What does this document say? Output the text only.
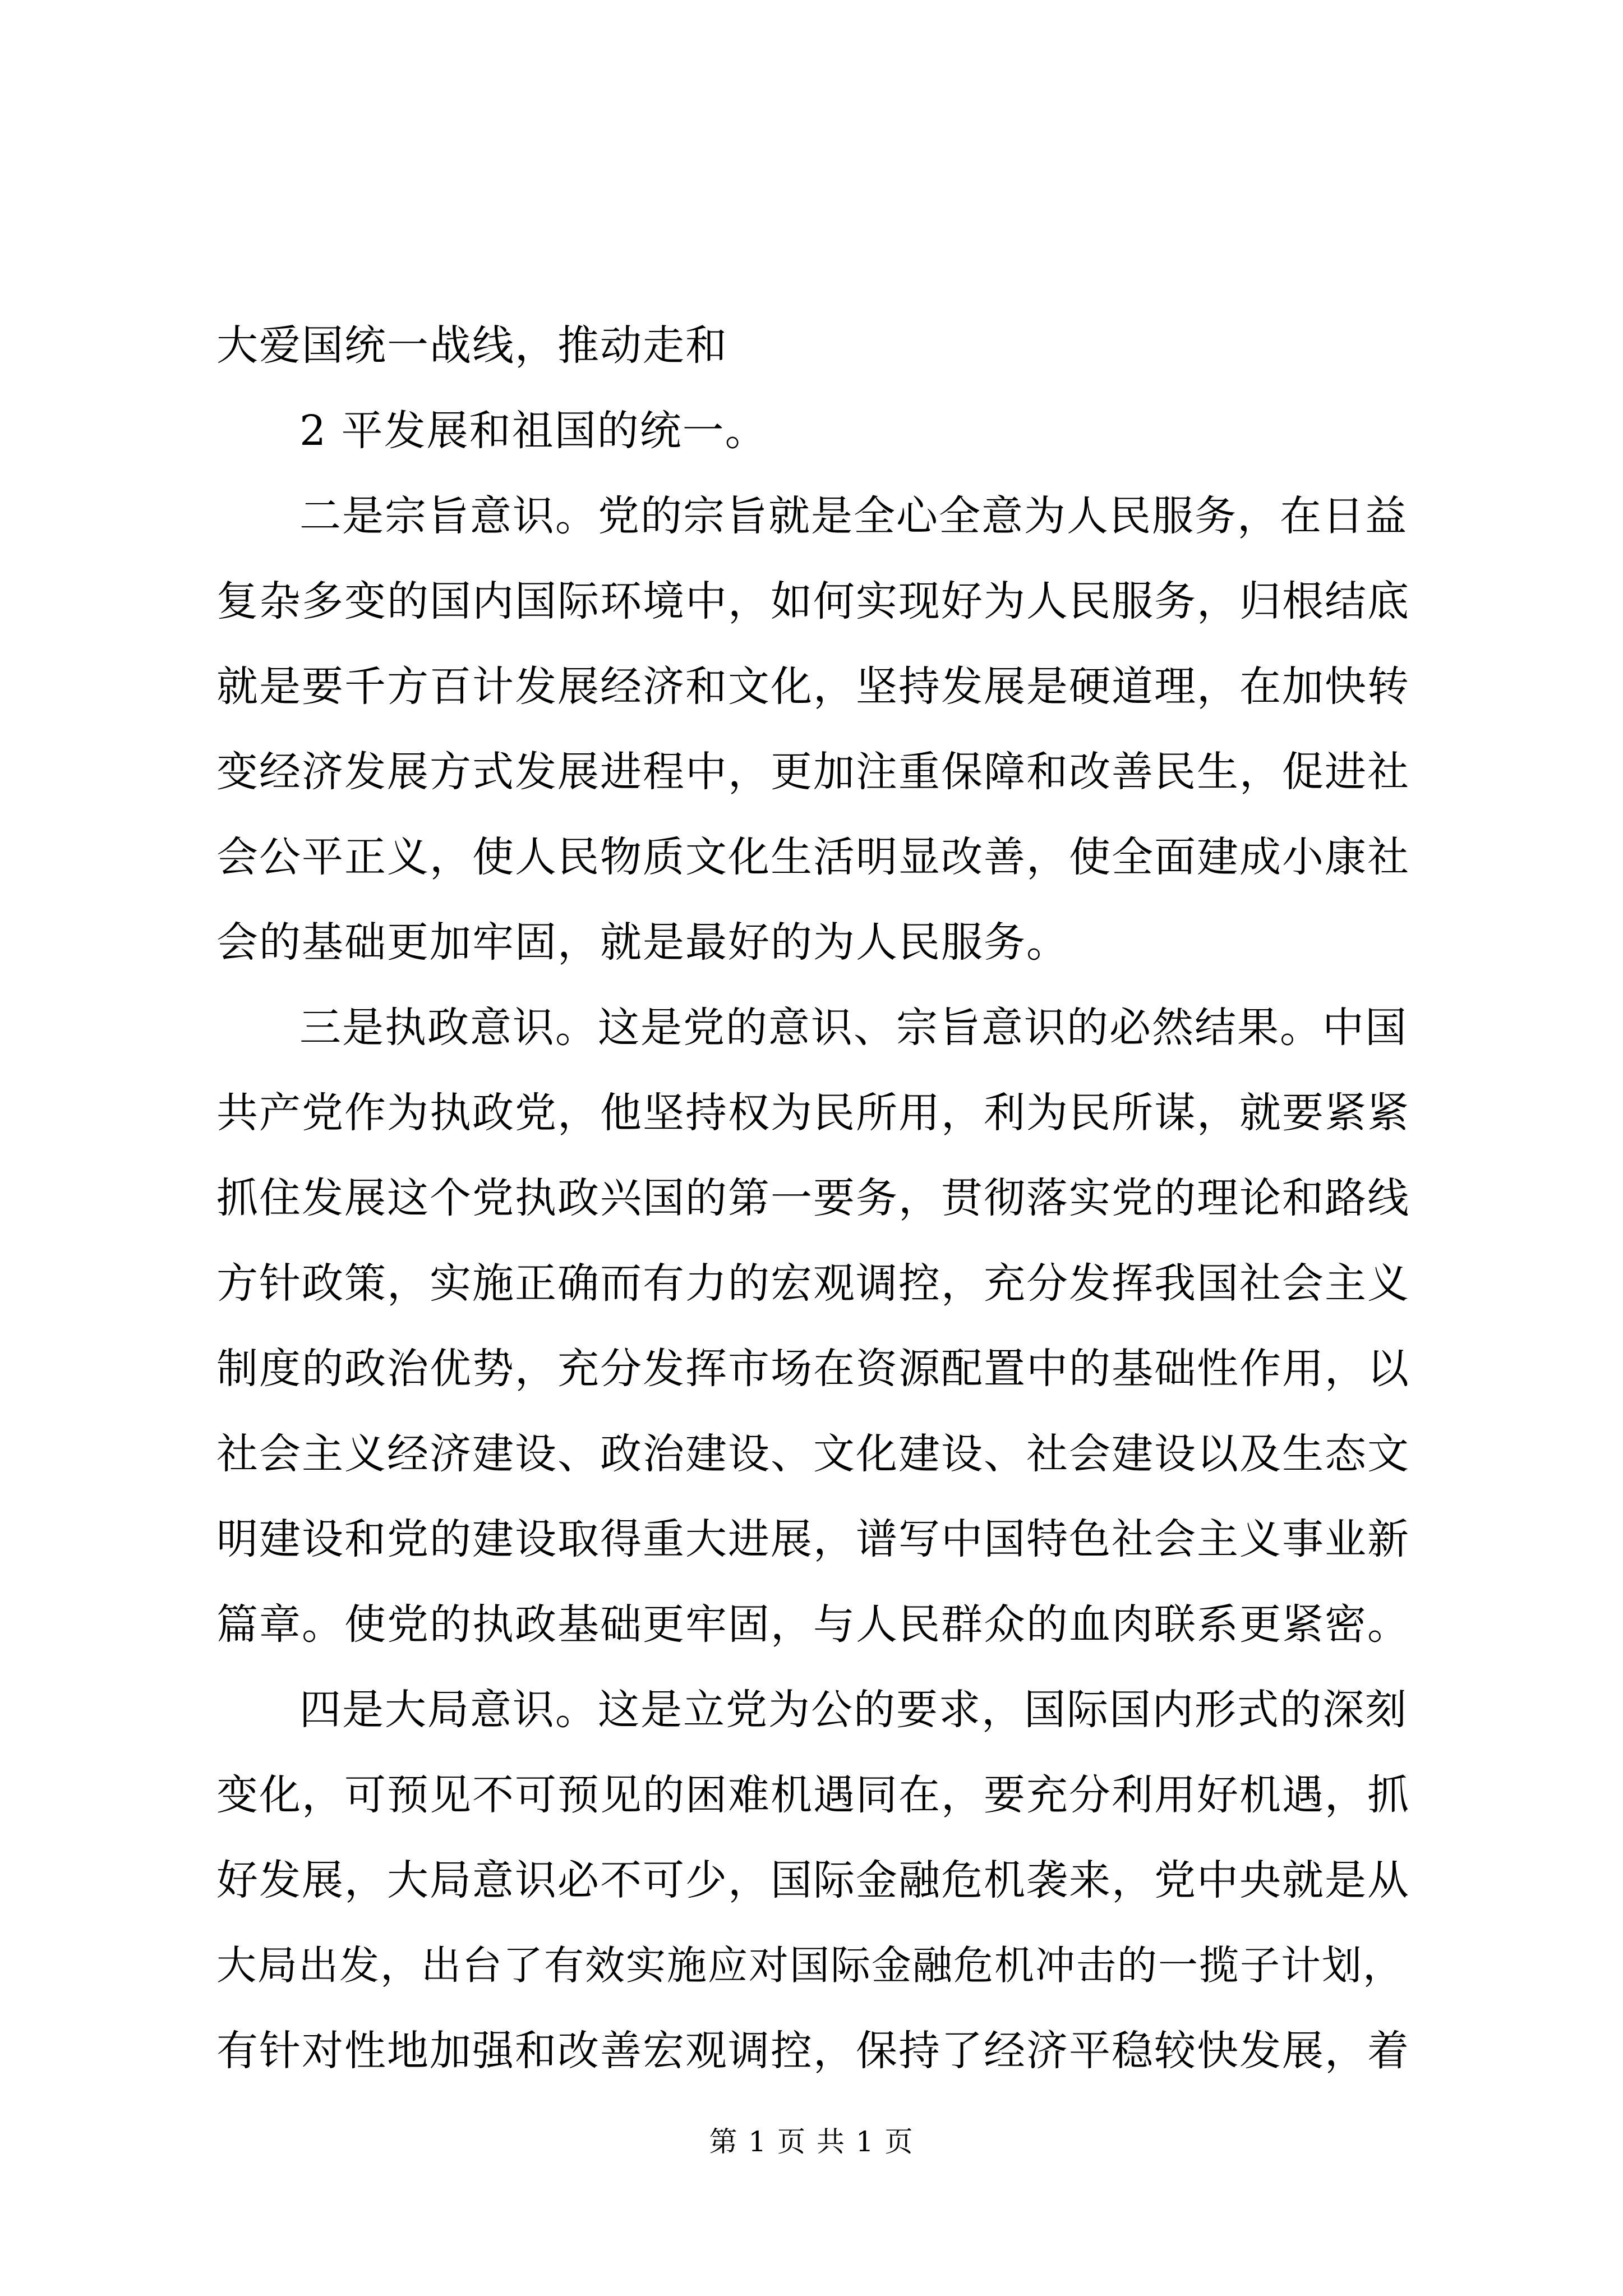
大爱国统一战线，推动走和

2 平发展和祖国的统一。

二是宗旨意识。党的宗旨就是全心全意为人民服务，在日益

复杂多变的国内国际环境中，如何实现好为人民服务，归根结底

就是要千方百计发展经济和文化，坚持发展是硬道理，在加快转

变经济发展方式发展进程中，更加注重保障和改善民生，促进社

会公平正义，使人民物质文化生活明显改善，使全面建成小康社

会的基础更加牢固，就是最好的为人民服务。

三是执政意识。这是党的意识、宗旨意识的必然结果。中国

共产党作为执政党，他坚持权为民所用，利为民所谋，就要紧紧

抓住发展这个党执政兴国的第一要务，贯彻落实党的理论和路线

方针政策，实施正确而有力的宏观调控，充分发挥我国社会主义

制度的政治优势，充分发挥市场在资源配置中的基础性作用，以

社会主义经济建设、政治建设、文化建设、社会建设以及生态文

明建设和党的建设取得重大进展，谱写中国特色社会主义事业新

篇章。使党的执政基础更牢固，与人民群众的血肉联系更紧密。

四是大局意识。这是立党为公的要求，国际国内形式的深刻

变化，可预见不可预见的困难机遇同在，要充分利用好机遇，抓

好发展，大局意识必不可少，国际金融危机袭来，党中央就是从

大局出发，出台了有效实施应对国际金融危机冲击的一揽子计划，

有针对性地加强和改善宏观调控，保持了经济平稳较快发展，着

第 1 页 共 1 页
